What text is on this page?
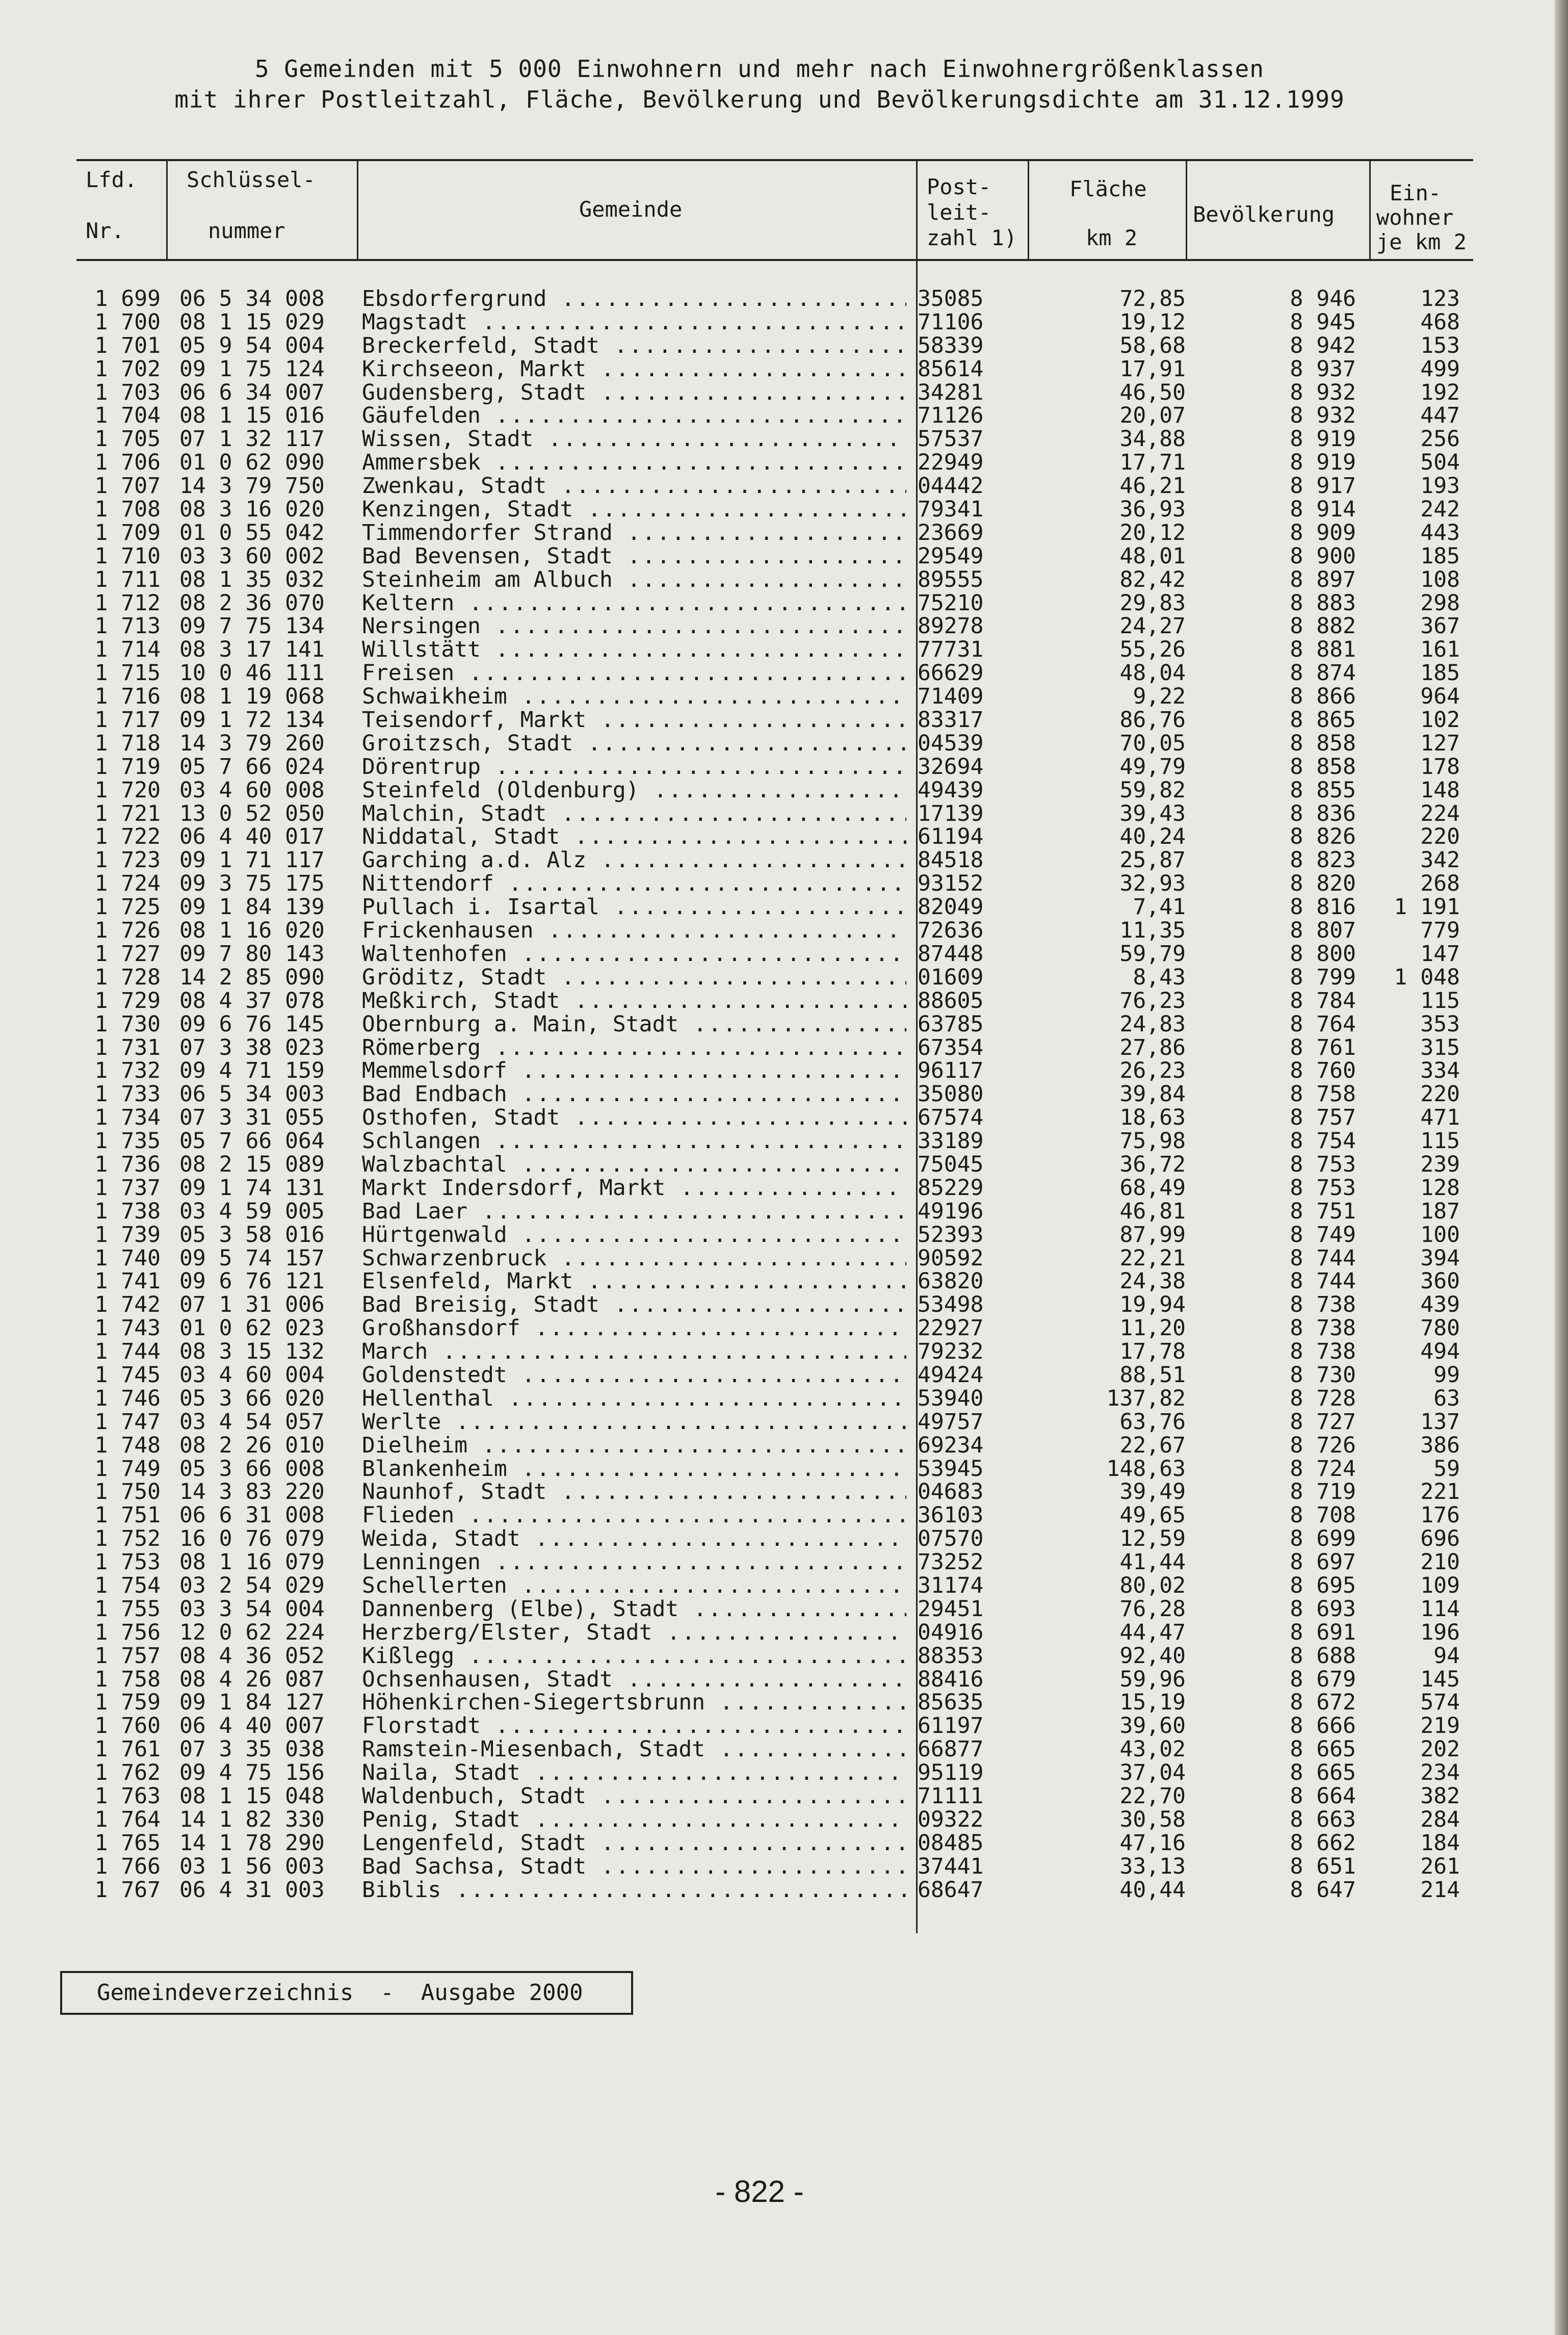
5 Gemeinden mit 5 000 Einwohnern und mehr nach Einwohnergrößenklassen
mit ihrer Postleitzahl, Fläche, Bevölkerung und Bevölkerungsdichte am 31.12.1999
Lfd.
Nr.
Schlüssel-
nummer
Gemeinde
Post-
leit-
zahl 1)
Fläche
km 2
Bevölkerung
Ein-
wohner
je km 2
1 699 06 5 34 008	Ebsdorfergrund .....	35085	72,85	8 946	123
1 700 08 1 15 029	Magstadt .....	71106	19,12	8 945	468
1 701 05 9 54 004	Breckerfeld, Stadt .....	58339	58,68	8 942	153
1 702 09 1 75 124	Kirchseeon, Markt .....	85614	17,91	8 937	499
1 703 06 6 34 007	Gudensberg, Stadt .....	34281	46,50	8 932	192
1 704 08 1 15 016	Gäufelden .....	71126	20,07	8 932	447
1 705 07 1 32 117	Wissen, Stadt .....	57537	34,88	8 919	256
1 706 01 0 62 090	Ammersbek .....	22949	17,71	8 919	504
1 707 14 3 79 750	Zwenkau, Stadt .....	04442	46,21	8 917	193
1 708 08 3 16 020	Kenzingen, Stadt .....	79341	36,93	8 914	242
1 709 01 0 55 042	Timmendorfer Strand .....	23669	20,12	8 909	443
1 710 03 3 60 002	Bad Bevensen, Stadt .....	29549	48,01	8 900	185
1 711 08 1 35 032	Steinheim am Albuch .....	89555	82,42	8 897	108
1 712 08 2 36 070	Keltern .....	75210	29,83	8 883	298
1 713 09 7 75 134	Nersingen .....	89278	24,27	8 882	367
1 714 08 3 17 141	Willstätt .....	77731	55,26	8 881	161
1 715 10 0 46 111	Freisen .....	66629	48,04	8 874	185
1 716 08 1 19 068	Schwaikheim .....	71409	9,22	8 866	964
1 717 09 1 72 134	Teisendorf, Markt .....	83317	86,76	8 865	102
1 718 14 3 79 260	Groitzsch, Stadt .....	04539	70,05	8 858	127
1 719 05 7 66 024	Dörentrup .....	32694	49,79	8 858	178
1 720 03 4 60 008	Steinfeld (Oldenburg) .....	49439	59,82	8 855	148
1 721 13 0 52 050	Malchin, Stadt .....	17139	39,43	8 836	224
1 722 06 4 40 017	Niddatal, Stadt .....	61194	40,24	8 826	220
1 723 09 1 71 117	Garching a.d. Alz .....	84518	25,87	8 823	342
1 724 09 3 75 175	Nittendorf .....	93152	32,93	8 820	268
1 725 09 1 84 139	Pullach i. Isartal .....	82049	7,41	8 816	1 191
1 726 08 1 16 020	Frickenhausen .....	72636	11,35	8 807	779
1 727 09 7 80 143	Waltenhofen .....	87448	59,79	8 800	147
1 728 14 2 85 090	Gröditz, Stadt .....	01609	8,43	8 799	1 048
1 729 08 4 37 078	Meßkirch, Stadt .....	88605	76,23	8 784	115
1 730 09 6 76 145	Obernburg a. Main, Stadt .....	63785	24,83	8 764	353
1 731 07 3 38 023	Römerberg .....	67354	27,86	8 761	315
1 732 09 4 71 159	Memmelsdorf .....	96117	26,23	8 760	334
1 733 06 5 34 003	Bad Endbach .....	35080	39,84	8 758	220
1 734 07 3 31 055	Osthofen, Stadt .....	67574	18,63	8 757	471
1 735 05 7 66 064	Schlangen .....	33189	75,98	8 754	115
1 736 08 2 15 089	Walzbachtal .....	75045	36,72	8 753	239
1 737 09 1 74 131	Markt Indersdorf, Markt .....	85229	68,49	8 753	128
1 738 03 4 59 005	Bad Laer .....	49196	46,81	8 751	187
1 739 05 3 58 016	Hürtgenwald .....	52393	87,99	8 749	100
1 740 09 5 74 157	Schwarzenbruck .....	90592	22,21	8 744	394
1 741 09 6 76 121	Elsenfeld, Markt .....	63820	24,38	8 744	360
1 742 07 1 31 006	Bad Breisig, Stadt .....	53498	19,94	8 738	439
1 743 01 0 62 023	Großhansdorf .....	22927	11,20	8 738	780
1 744 08 3 15 132	March .....	79232	17,78	8 738	494
1 745 03 4 60 004	Goldenstedt .....	49424	88,51	8 730	99
1 746 05 3 66 020	Hellenthal .....	53940	137,82	8 728	63
1 747 03 4 54 057	Werlte .....	49757	63,76	8 727	137
1 748 08 2 26 010	Dielheim .....	69234	22,67	8 726	386
1 749 05 3 66 008	Blankenheim .....	53945	148,63	8 724	59
1 750 14 3 83 220	Naunhof, Stadt .....	04683	39,49	8 719	221
1 751 06 6 31 008	Flieden .....	36103	49,65	8 708	176
1 752 16 0 76 079	Weida, Stadt .....	07570	12,59	8 699	696
1 753 08 1 16 079	Lenningen .....	73252	41,44	8 697	210
1 754 03 2 54 029	Schellerten .....	31174	80,02	8 695	109
1 755 03 3 54 004	Dannenberg (Elbe), Stadt .....	29451	76,28	8 693	114
1 756 12 0 62 224	Herzberg/Elster, Stadt .....	04916	44,47	8 691	196
1 757 08 4 36 052	Kißlegg .....	88353	92,40	8 688	94
1 758 08 4 26 087	Ochsenhausen, Stadt .....	88416	59,96	8 679	145
1 759 09 1 84 127	Höhenkirchen-Siegertsbrunn .....	85635	15,19	8 672	574
1 760 06 4 40 007	Florstadt .....	61197	39,60	8 666	219
1 761 07 3 35 038	Ramstein-Miesenbach, Stadt .....	66877	43,02	8 665	202
1 762 09 4 75 156	Naila, Stadt .....	95119	37,04	8 665	234
1 763 08 1 15 048	Waldenbuch, Stadt .....	71111	22,70	8 664	382
1 764 14 1 82 330	Penig, Stadt .....	09322	30,58	8 663	284
1 765 14 1 78 290	Lengenfeld, Stadt .....	08485	47,16	8 662	184
1 766 03 1 56 003	Bad Sachsa, Stadt .....	37441	33,13	8 651	261
1 767 06 4 31 003	Biblis .....	68647	40,44	8 647	214
Gemeindeverzeichnis  -  Ausgabe 2000
- 822 -
